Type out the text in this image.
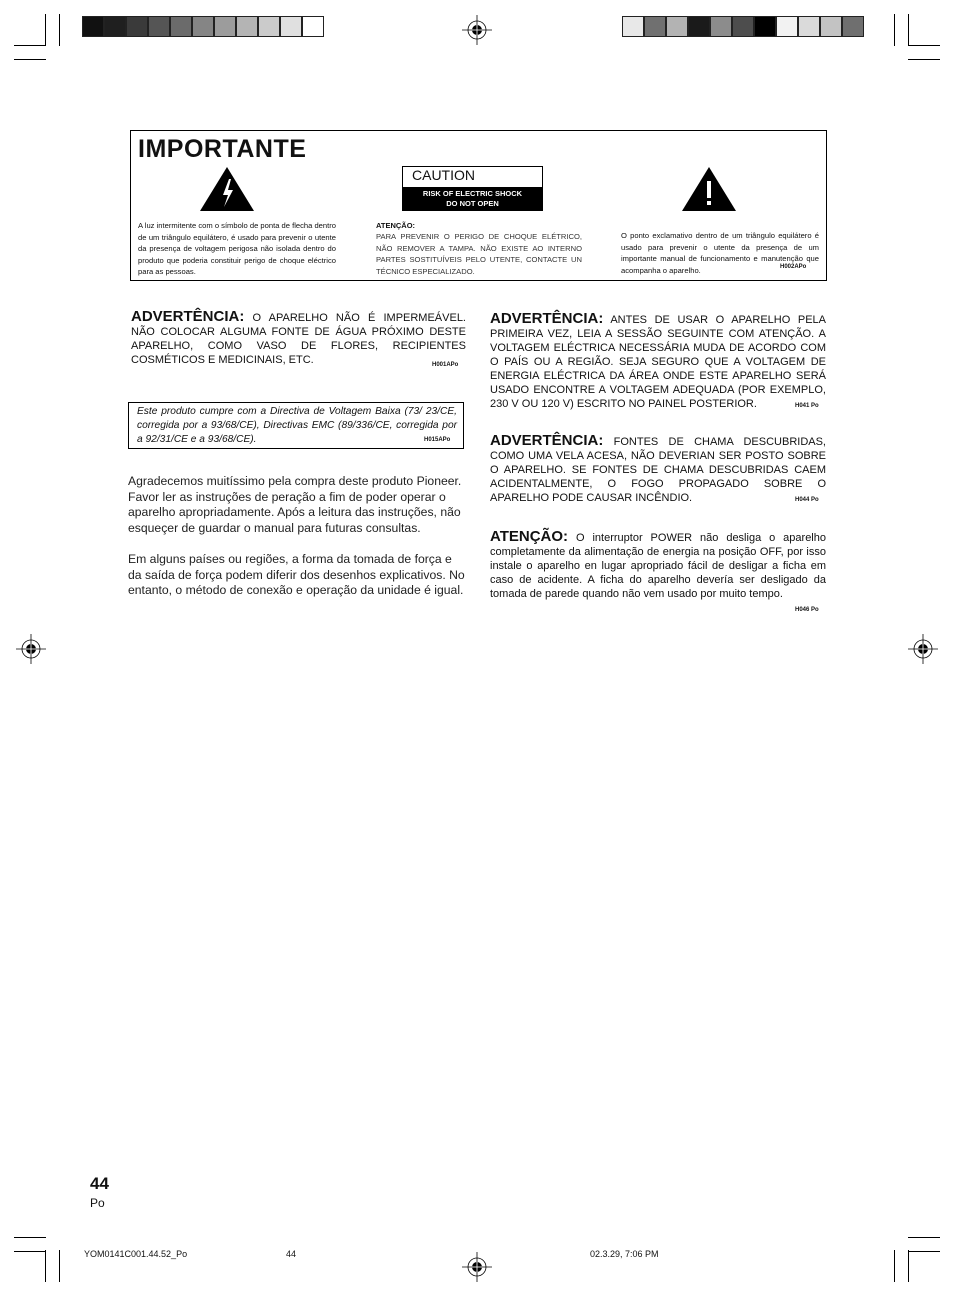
IMPORTANTE
A luz intermitente com o símbolo de ponta de flecha dentro de um triângulo equilátero, é usado para prevenir o utente da presença de voltagem perigosa não isolada dentro do produto que poderia constituir perigo de choque eléctrico para as pessoas.
CAUTION
RISK OF ELECTRIC SHOCK
DO NOT OPEN
ATENÇÃO:
PARA PREVENIR O PERIGO DE CHOQUE ELÉTRICO, NÃO REMOVER A TAMPA. NÃO EXISTE AO INTERNO PARTES SOSTITUÍVEIS PELO UTENTE, CONTACTE UN TÉCNICO ESPECIALIZADO.
O ponto exclamativo dentro de um triângulo equilátero é usado para prevenir o utente da presença de um importante manual de funcionamento e manutenção que acompanha o aparelho.	H002APo
ADVERTÊNCIA: O APARELHO NÃO É IMPERMEÁVEL. NÃO COLOCAR ALGUMA FONTE DE ÁGUA PRÓXIMO DESTE APARELHO, COMO VASO DE FLORES, RECIPIENTES COSMÉTICOS E MEDICINAIS, ETC.	H001APo
Este produto cumpre com a Directiva de Voltagem Baixa (73/ 23/CE, corregida por a 93/68/CE), Directivas EMC (89/336/CE, corregida por a 92/31/CE e a 93/68/CE).	H015APo
Agradecemos muitíssimo pela compra deste produto Pioneer. Favor ler as instruções de peração a fim de poder operar o aparelho apropriadamente. Após a leitura das instruções, não esqueçer de guardar o manual para futuras consultas.
Em alguns países ou regiões, a forma da tomada de força e da saída de força podem diferir dos desenhos explicativos. No entanto, o método de conexão e operação da unidade é igual.
ADVERTÊNCIA: ANTES DE USAR O APARELHO PELA PRIMEIRA VEZ, LEIA A SESSÃO SEGUINTE COM ATENÇÃO. A VOLTAGEM ELÉCTRICA NECESSÁRIA MUDA DE ACORDO COM O PAÍS OU A REGIÃO. SEJA SEGURO QUE A VOLTAGEM DE ENERGIA ELÉCTRICA DA ÁREA ONDE ESTE APARELHO SERÁ USADO ENCONTRE A VOLTAGEM ADEQUADA (POR EXEMPLO, 230 V OU 120 V) ESCRITO NO PAINEL POSTERIOR.	H041 Po
ADVERTÊNCIA: FONTES DE CHAMA DESCUBRIDAS, COMO UMA VELA ACESA, NÃO DEVERIAN SER POSTO SOBRE O APARELHO. SE FONTES DE CHAMA DESCUBRIDAS CAEM ACIDENTALMENTE, O FOGO PROPAGADO SOBRE O APARELHO PODE CAUSAR INCÊNDIO.	H044 Po
ATENÇÃO: O interruptor POWER não desliga o aparelho completamente da alimentação de energia na posição OFF, por isso instale o aparelho en lugar apropriado fácil de desligar a ficha em caso de acidente. A ficha do aparelho devería ser desligado da tomada de parede quando não vem usado por muito tempo.
H046 Po
44
Po
YOM0141C001.44.52_Po	44	02.3.29, 7:06 PM
